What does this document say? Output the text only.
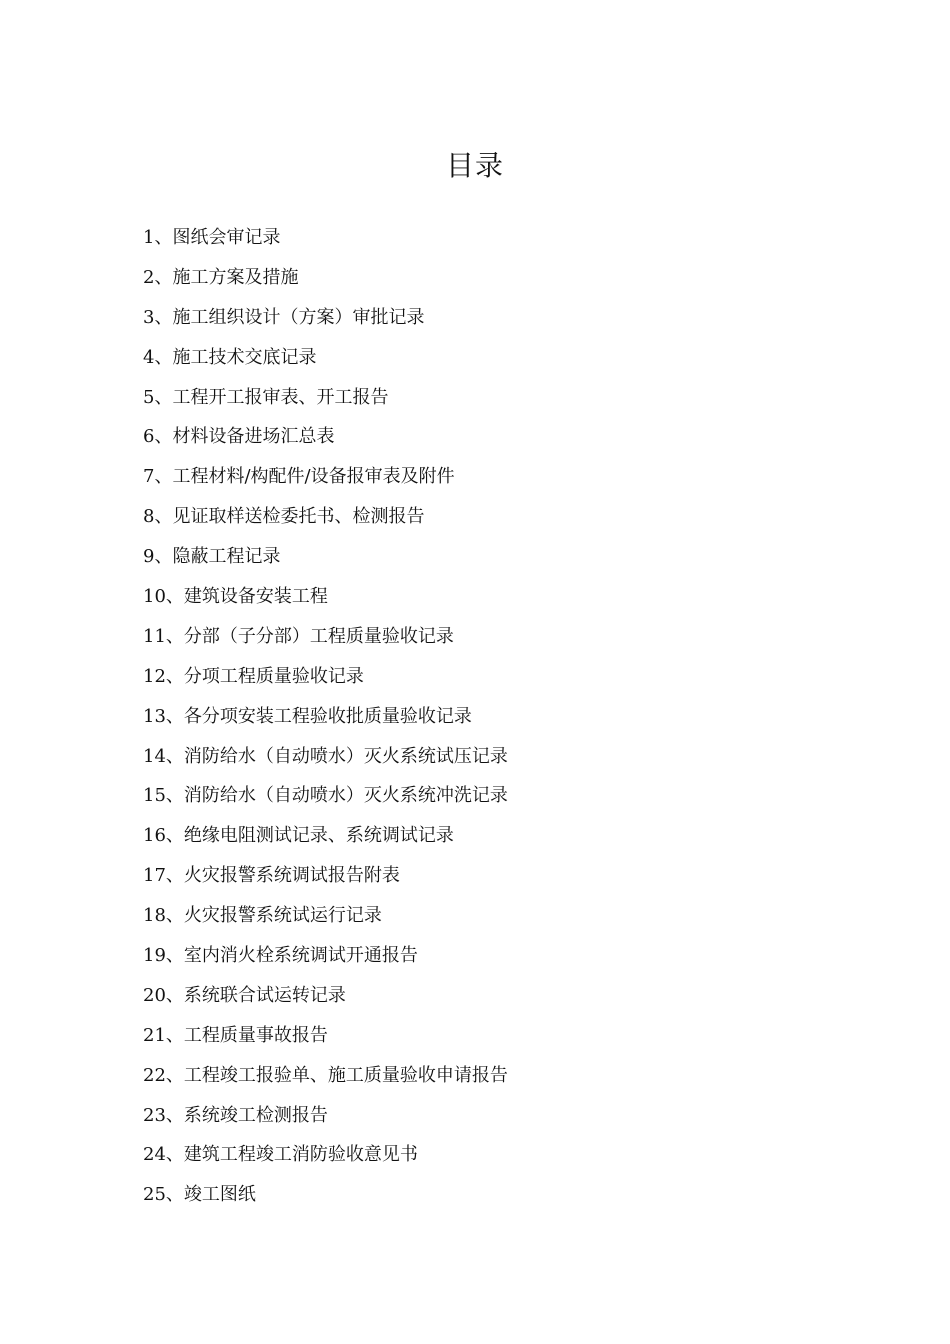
目录
1、图纸会审记录
2、施工方案及措施
3、施工组织设计（方案）审批记录
4、施工技术交底记录
5、工程开工报审表、开工报告
6、材料设备进场汇总表
7、工程材料/构配件/设备报审表及附件
8、见证取样送检委托书、检测报告
9、隐蔽工程记录
10、建筑设备安装工程
11、分部（子分部）工程质量验收记录
12、分项工程质量验收记录
13、各分项安装工程验收批质量验收记录
14、消防给水（自动喷水）灭火系统试压记录
15、消防给水（自动喷水）灭火系统冲洗记录
16、绝缘电阻测试记录、系统调试记录
17、火灾报警系统调试报告附表
18、火灾报警系统试运行记录
19、室内消火栓系统调试开通报告
20、系统联合试运转记录
21、工程质量事故报告
22、工程竣工报验单、施工质量验收申请报告
23、系统竣工检测报告
24、建筑工程竣工消防验收意见书
25、竣工图纸
